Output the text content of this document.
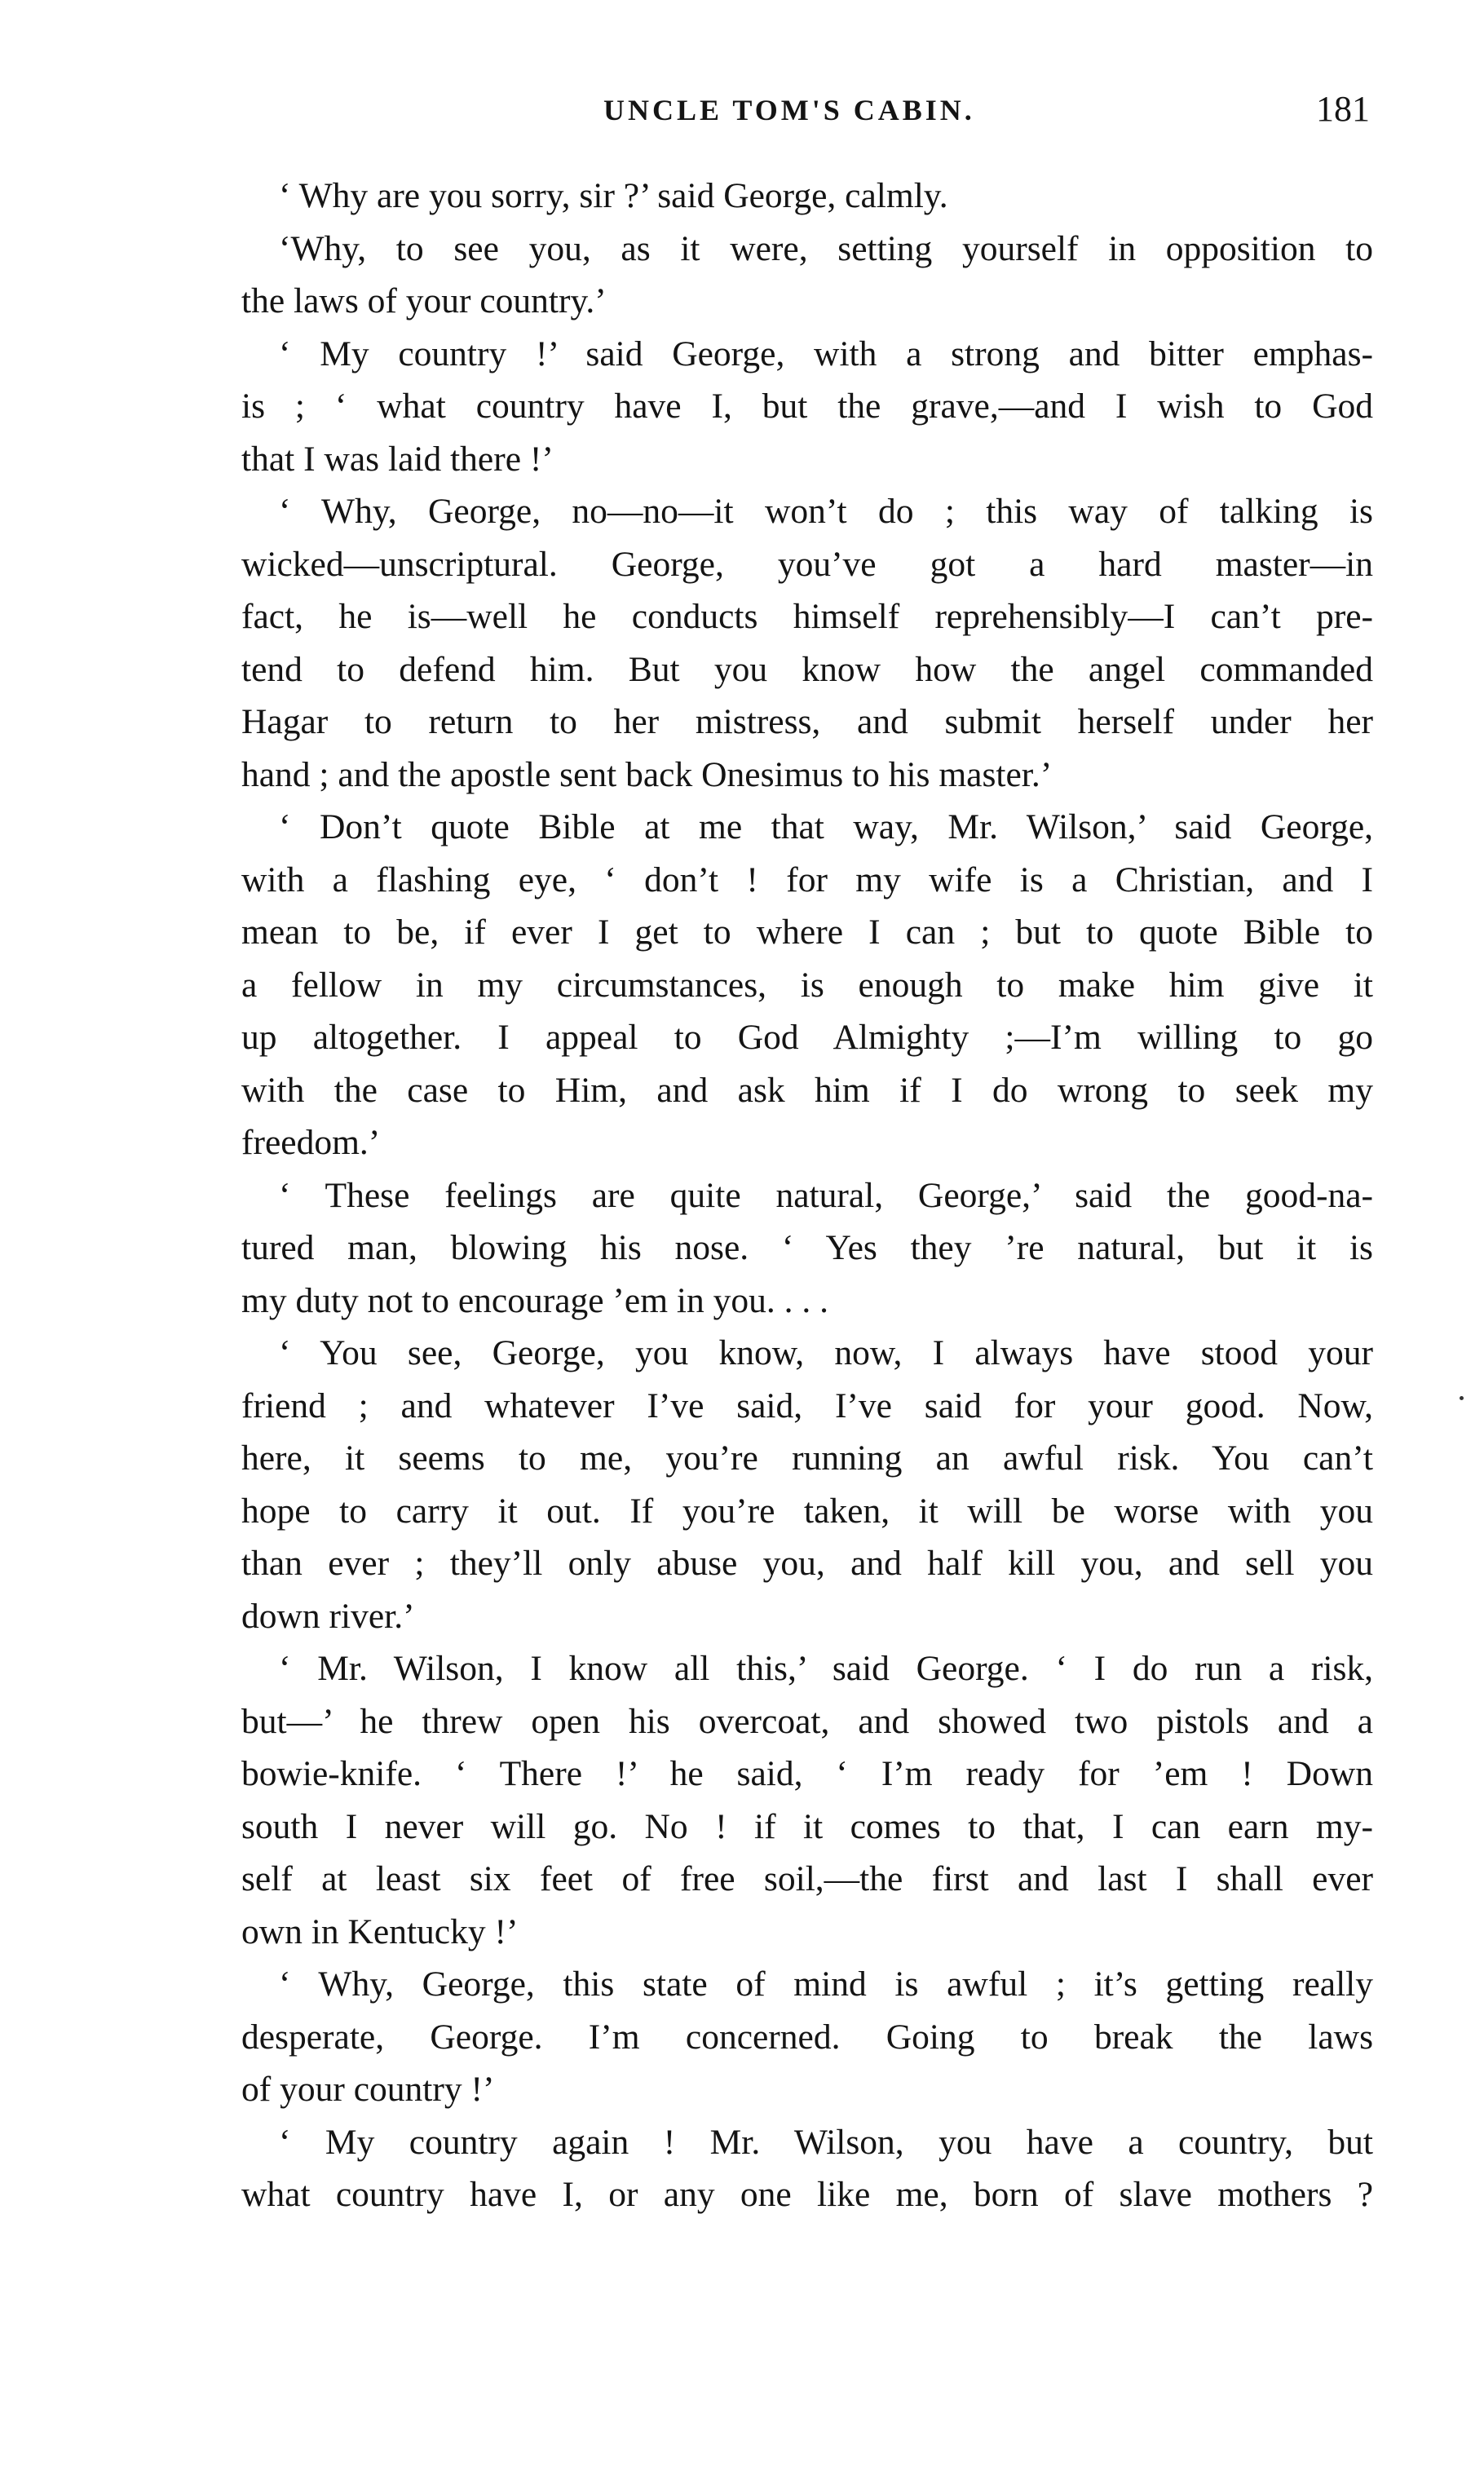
UNCLE TOM'S CABIN.	181
‘ Why are you sorry, sir ?’ said George, calmly.
‘Why, to see you, as it were, setting yourself in opposition to
the laws of your country.’
‘ My country !’ said George, with a strong and bitter emphas-
is ; ‘ what country have I, but the grave,—and I wish to God
that I was laid there !’
‘ Why, George, no—no—it won’t do ; this way of talking is
wicked—unscriptural. George, you’ve got a hard master—in
fact, he is—well he conducts himself reprehensibly—I can’t pre-
tend to defend him. But you know how the angel commanded
Hagar to return to her mistress, and submit herself under her
hand ; and the apostle sent back Onesimus to his master.’
‘ Don’t quote Bible at me that way, Mr. Wilson,’ said George,
with a flashing eye, ‘ don’t ! for my wife is a Christian, and I
mean to be, if ever I get to where I can ; but to quote Bible to
a fellow in my circumstances, is enough to make him give it
up altogether. I appeal to God Almighty ;—I’m willing to go
with the case to Him, and ask him if I do wrong to seek my
freedom.’
‘ These feelings are quite natural, George,’ said the good-na-
tured man, blowing his nose. ‘ Yes they ’re natural, but it is
my duty not to encourage ’em in you. . . .
‘ You see, George, you know, now, I always have stood your
friend ; and whatever I’ve said, I’ve said for your good. Now,
here, it seems to me, you’re running an awful risk. You can’t
hope to carry it out. If you’re taken, it will be worse with you
than ever ; they’ll only abuse you, and half kill you, and sell you
down river.’
‘ Mr. Wilson, I know all this,’ said George. ‘ I do run a risk,
but—’ he threw open his overcoat, and showed two pistols and a
bowie-knife. ‘ There !’ he said, ‘ I’m ready for ’em ! Down
south I never will go. No ! if it comes to that, I can earn my-
self at least six feet of free soil,—the first and last I shall ever
own in Kentucky !’
‘ Why, George, this state of mind is awful ; it’s getting really
desperate, George. I’m concerned. Going to break the laws
of your country !’
‘ My country again ! Mr. Wilson, you have a country, but
what country have I, or any one like me, born of slave mothers ?
